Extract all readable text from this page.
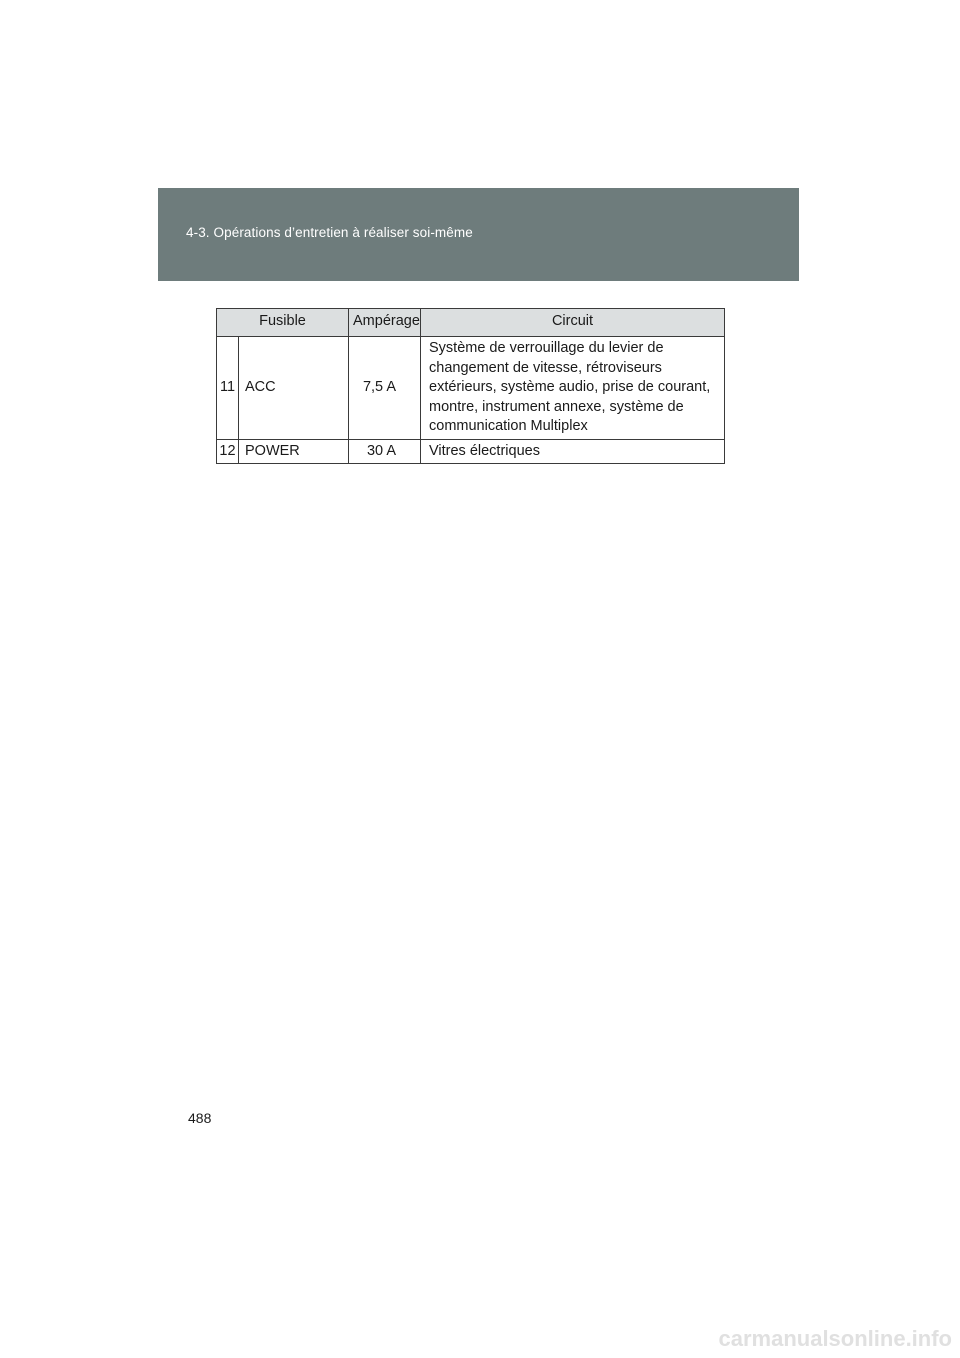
4-3. Opérations d’entretien à réaliser soi-même
Fusible		Ampérage	Circuit
11	ACC	7,5 A	Système de verrouillage du levier de changement de vitesse, rétroviseurs extérieurs, système audio, prise de courant, montre, instrument annexe, système de communication Multiplex
12	POWER	30 A	Vitres électriques
488
carmanualsonline.info
